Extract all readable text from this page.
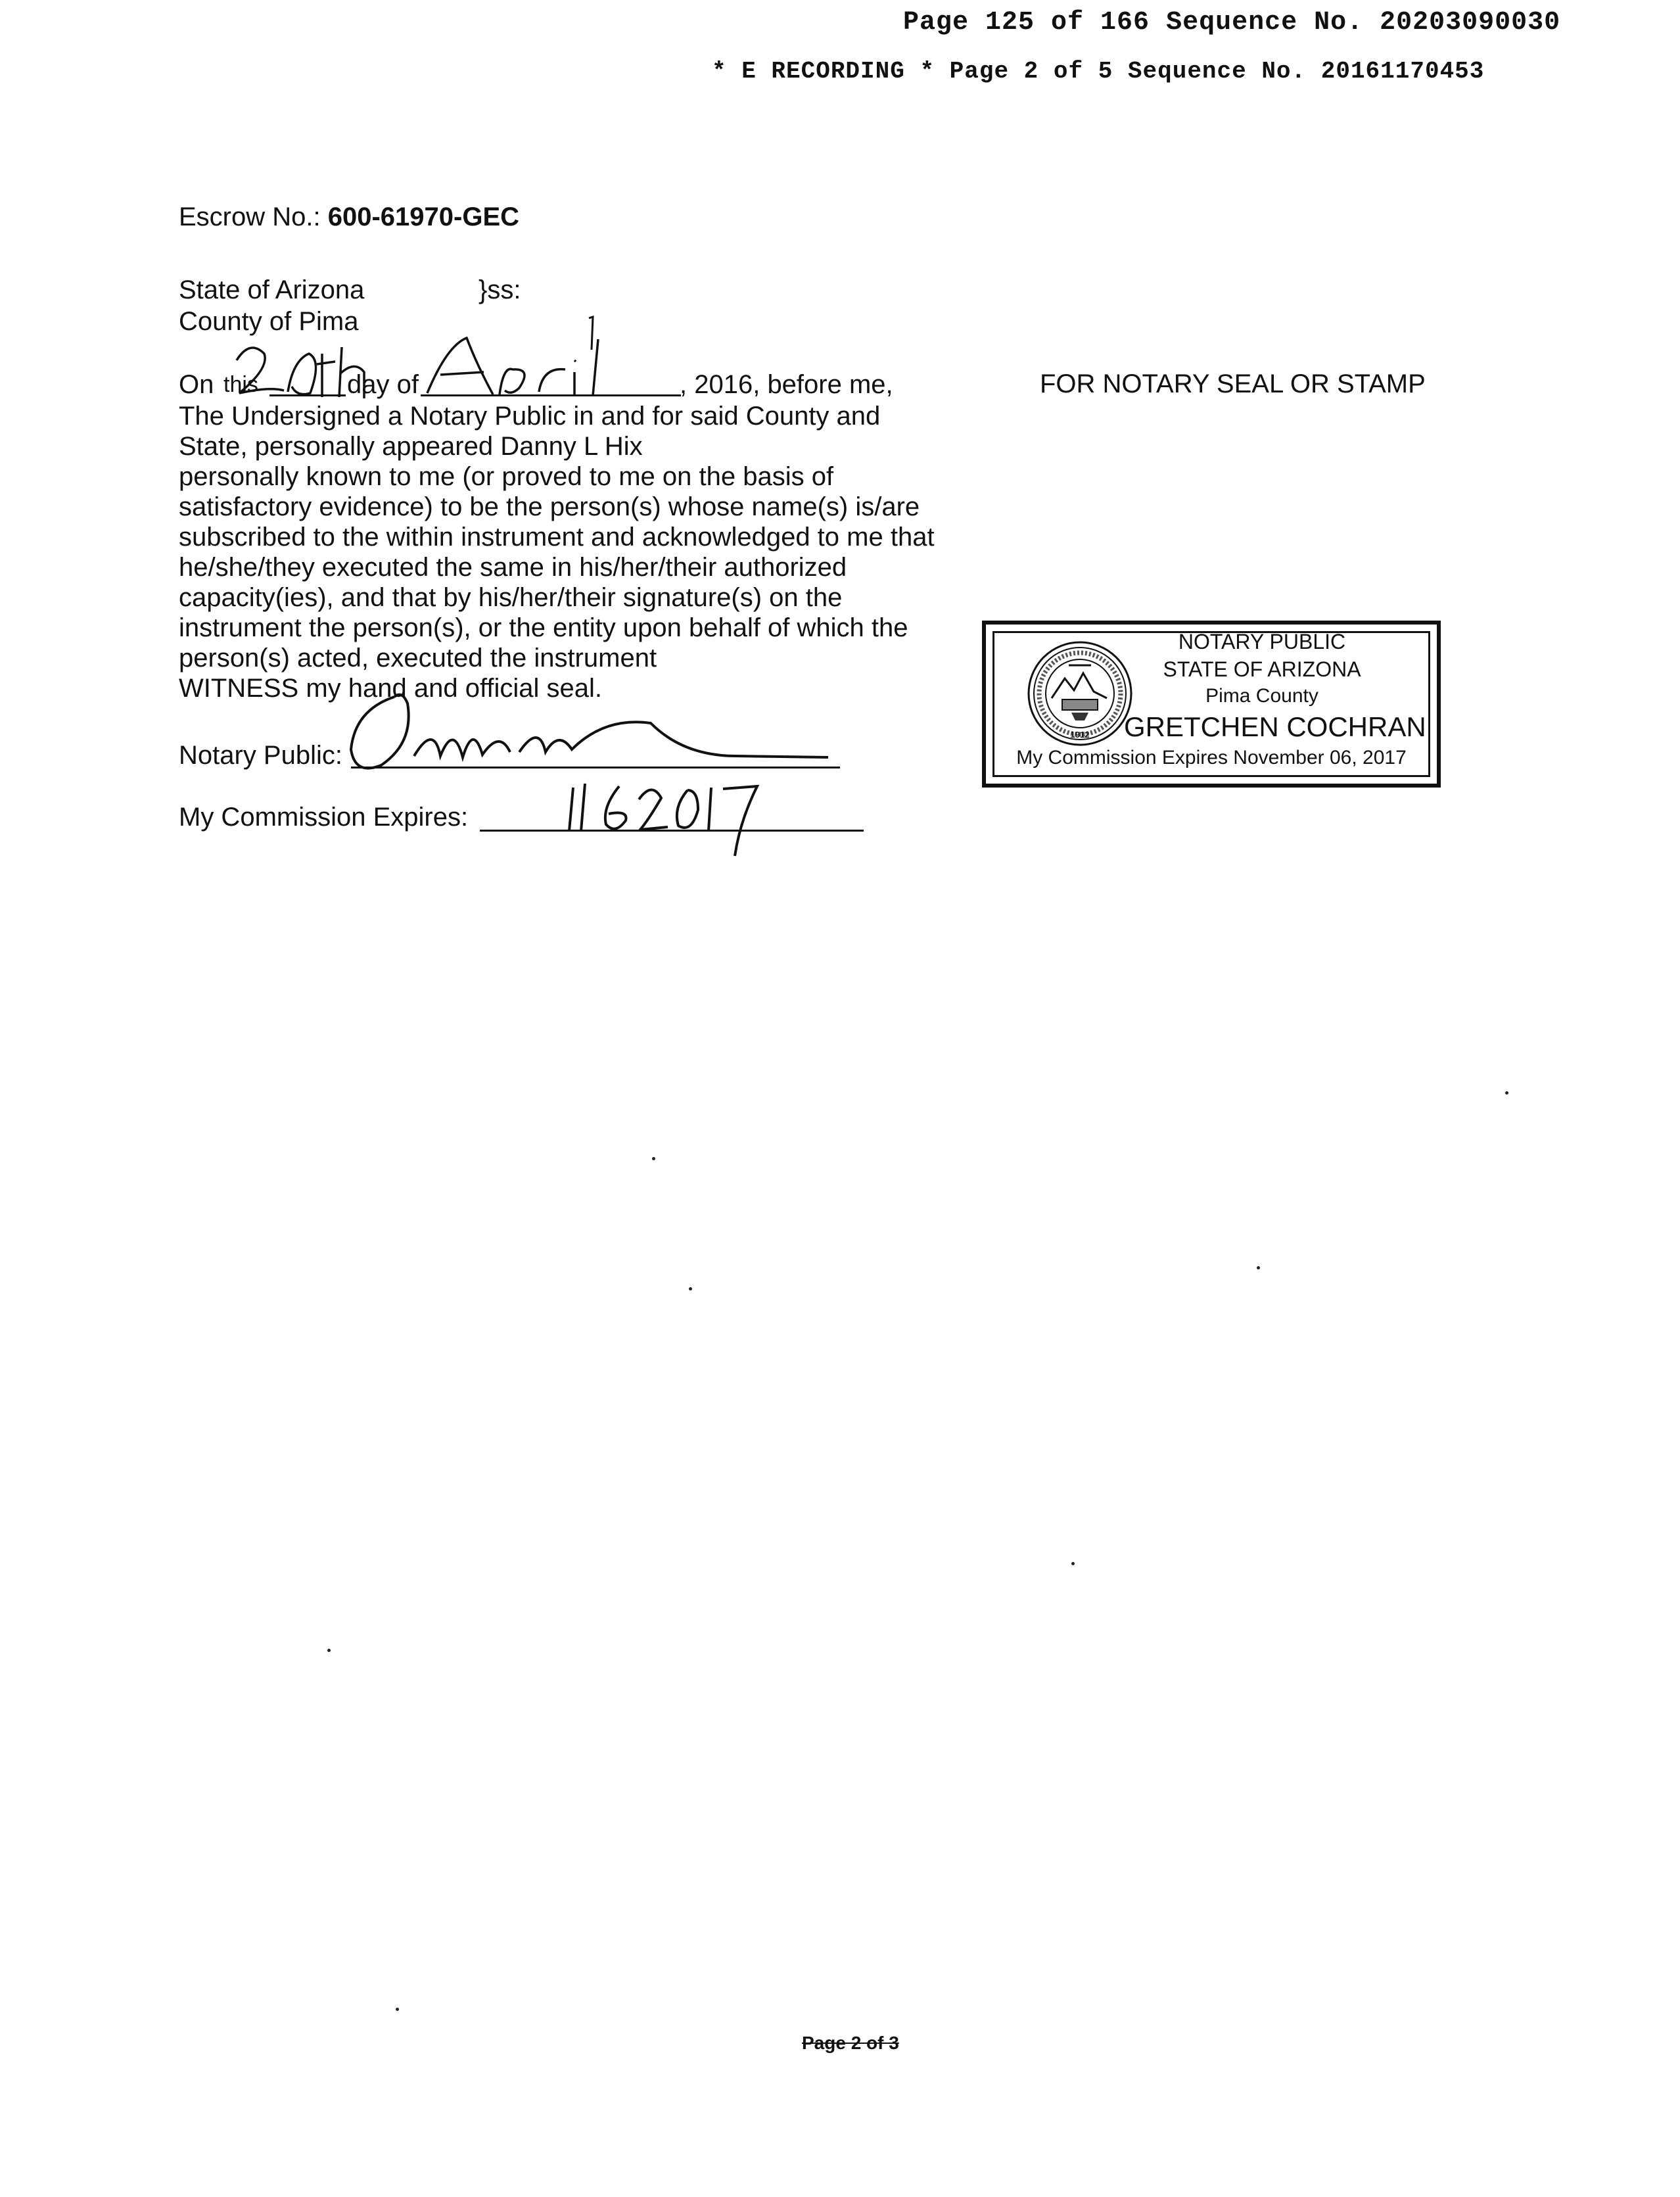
Page 125 of 166 Sequence No. 20203090030
* E RECORDING * Page 2 of 5 Sequence No. 20161170453
Escrow No.: 600-61970-GEC
State of Arizona	}ss:
County of Pima
On this	day of	, 2016, before me,
The Undersigned a Notary Public in and for said County and
State, personally appeared Danny L Hix
personally known to me (or proved to me on the basis of
satisfactory evidence) to be the person(s) whose name(s) is/are
subscribed to the within instrument and acknowledged to me that
he/she/they executed the same in his/her/their authorized
capacity(ies), and that by his/her/their signature(s) on the
instrument the person(s), or the entity upon behalf of which the
person(s) acted, executed the instrument
WITNESS my hand and official seal.
Notary Public:
My Commission Expires:
FOR NOTARY SEAL OR STAMP
1912
NOTARY PUBLIC
STATE OF ARIZONA
Pima County
GRETCHEN COCHRAN
My Commission Expires November 06, 2017
Page 2 of 3
